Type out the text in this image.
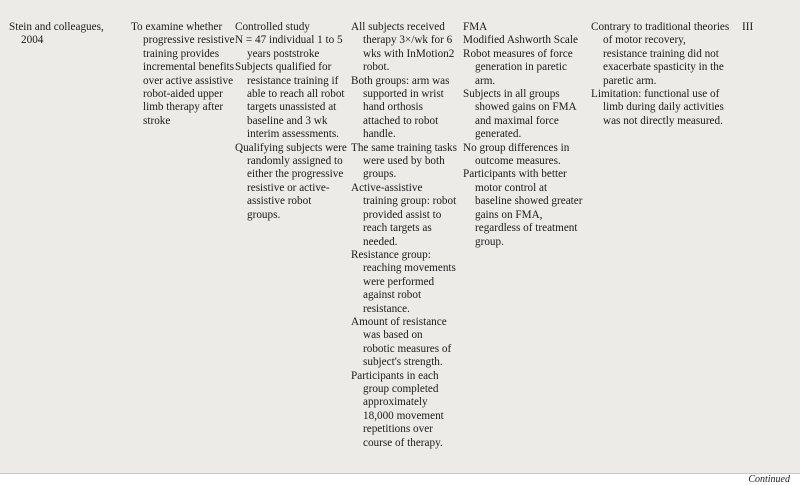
Stein and colleagues, 2004

To examine whether progressive resistive training provides incremental benefits over active assistive robot-aided upper limb therapy after stroke

Controlled study

N = 47 individual 1 to 5 years poststroke

Subjects qualified for resistance training if able to reach all robot targets unassisted at baseline and 3 wk interim assessments.

Qualifying subjects were randomly assigned to either the progressive resistive or active-assistive robot groups.

All subjects received therapy 3×/wk for 6 wks with InMotion2 robot.

Both groups: arm was supported in wrist hand orthosis attached to robot handle.

The same training tasks were used by both groups.

Active-assistive training group: robot provided assist to reach targets as needed.

Resistance group: reaching movements were performed against robot resistance.

Amount of resistance was based on robotic measures of subject's strength.

Participants in each group completed approximately 18,000 movement repetitions over course of therapy.

FMA

Modified Ashworth Scale

Robot measures of force generation in paretic arm.

Subjects in all groups showed gains on FMA and maximal force generated.

No group differences in outcome measures.

Participants with better motor control at baseline showed greater gains on FMA, regardless of treatment group.

Contrary to traditional theories of motor recovery, resistance training did not exacerbate spasticity in the paretic arm.

Limitation: functional use of limb during daily activities was not directly measured.

III

Continued
